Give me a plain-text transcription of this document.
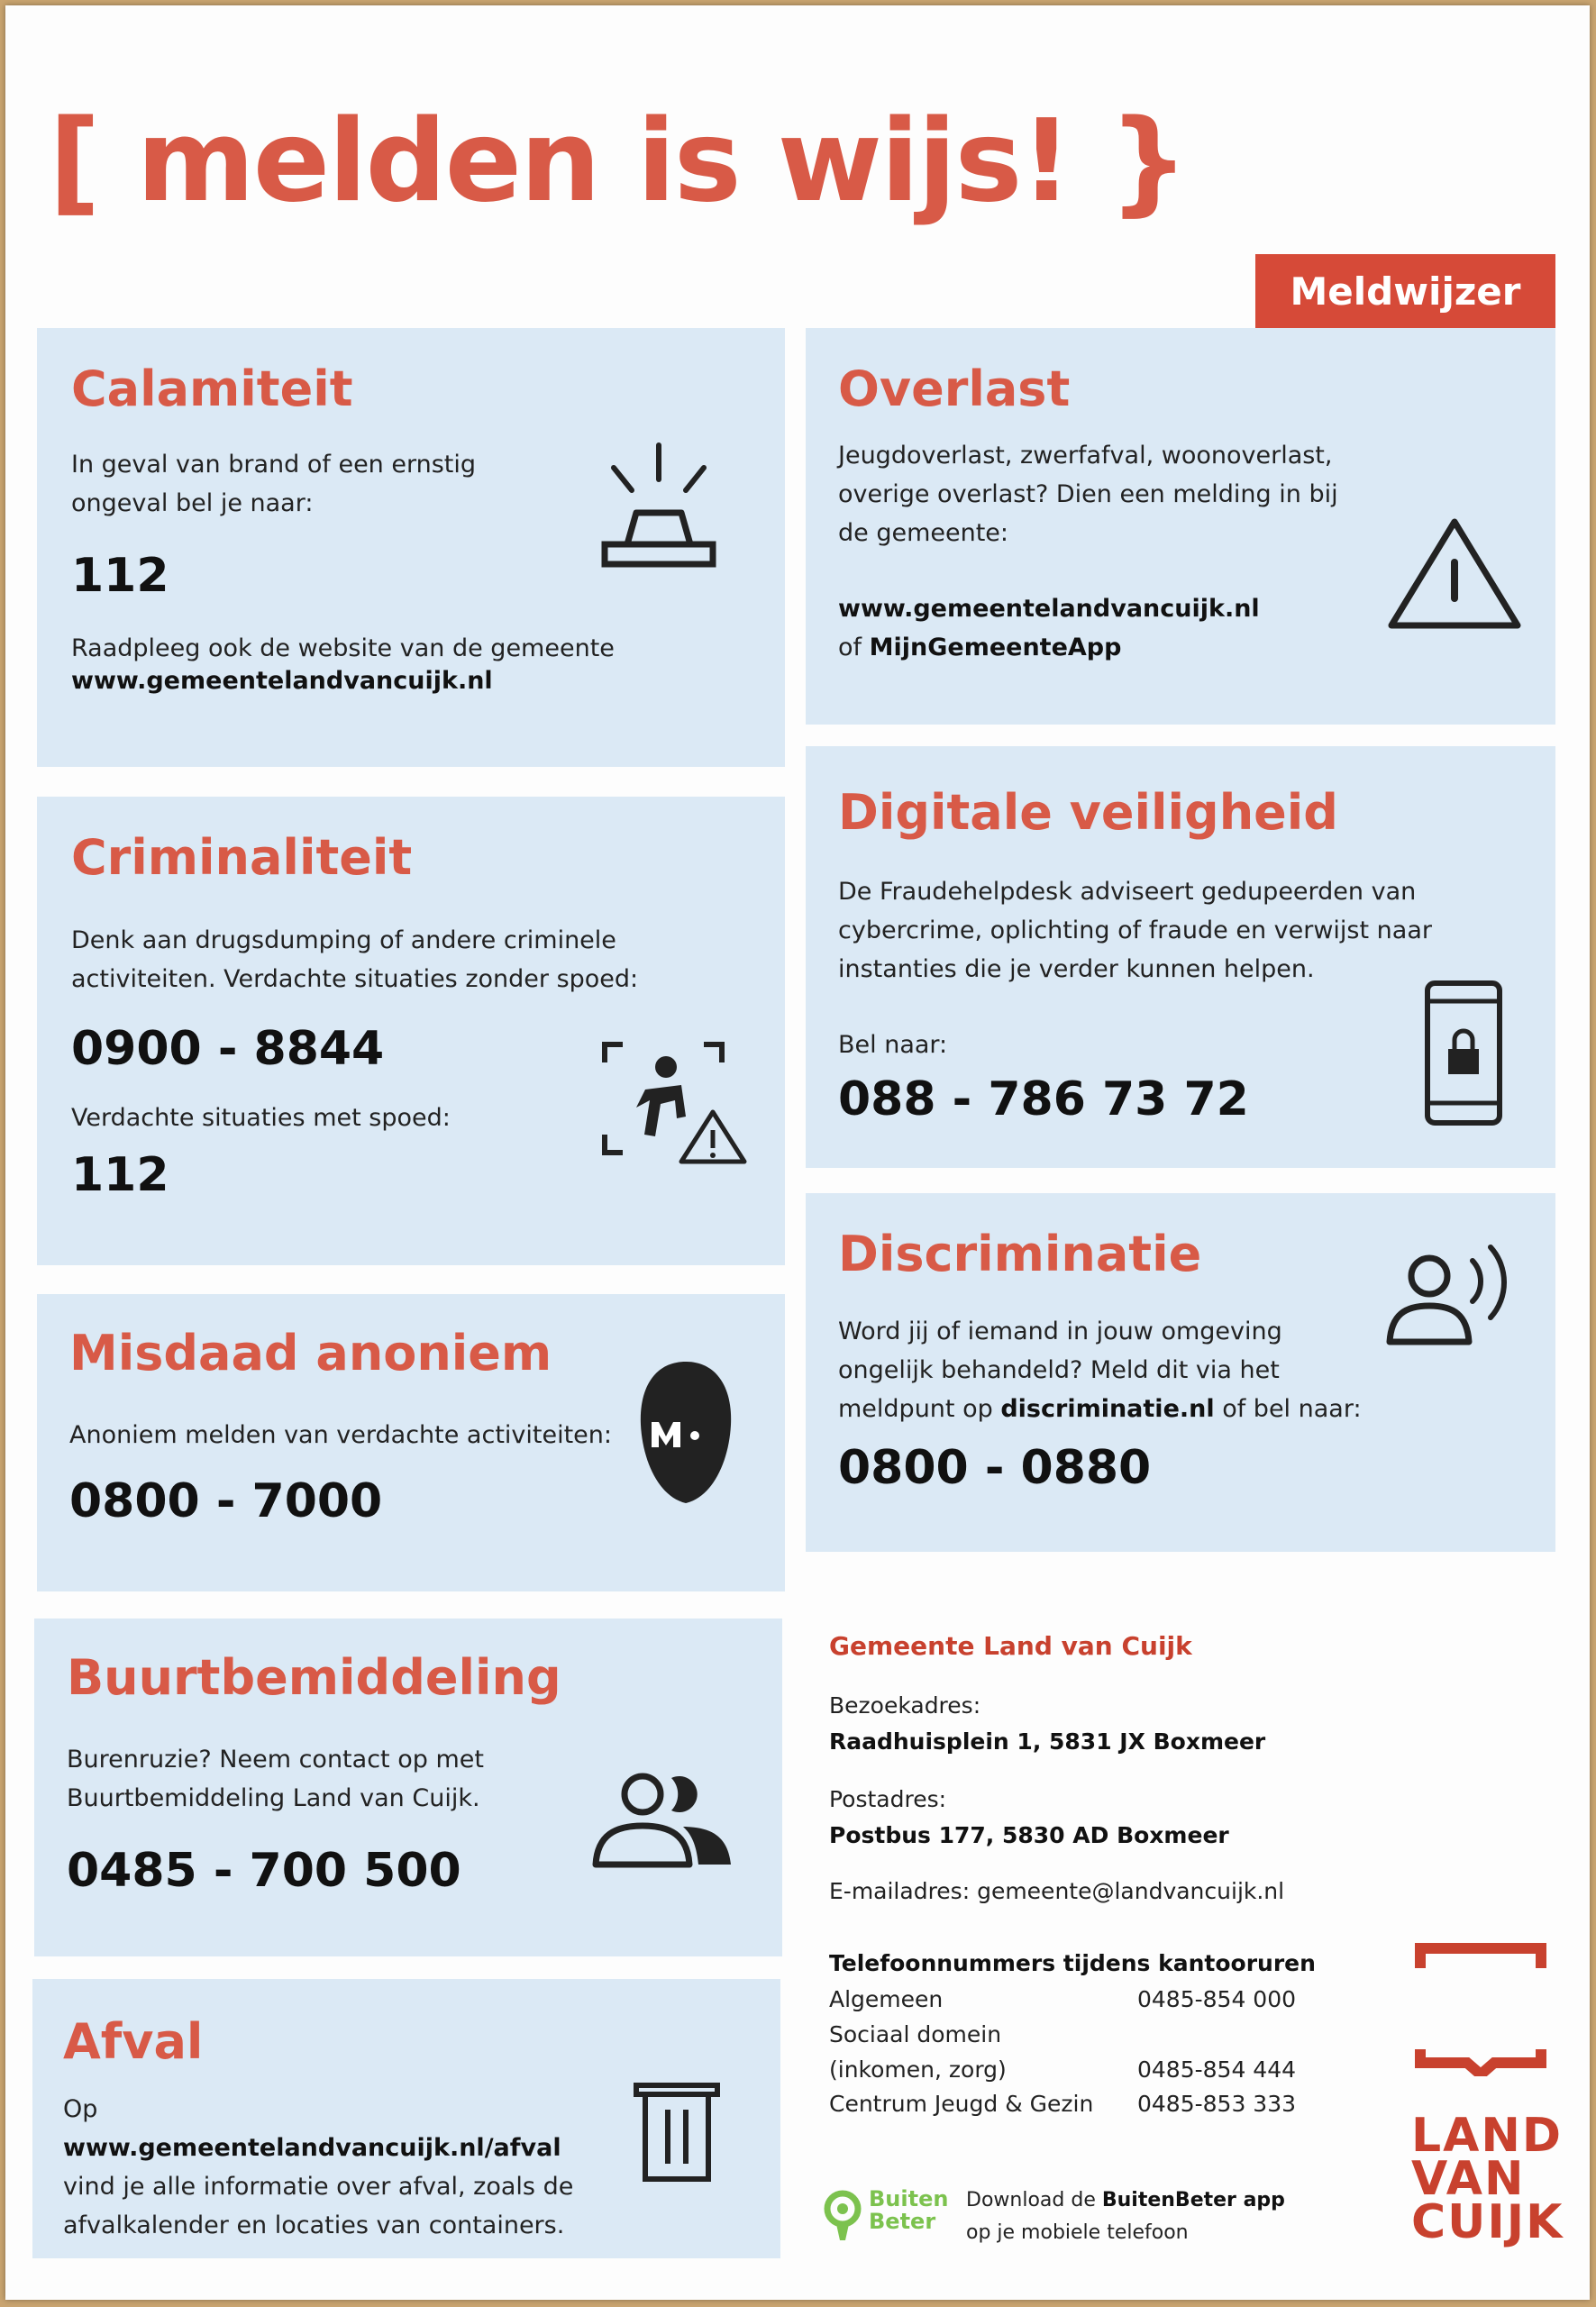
[ melden is wijs! }
Meldwijzer
Calamiteit
In geval van brand of een ernstig ongeval bel je naar:
112
Raadpleeg ook de website van de gemeente
www.gemeentelandvancuijk.nl
Overlast
Jeugdoverlast, zwerfafval, woonoverlast, overige overlast? Dien een melding in bij de gemeente:
www.gemeentelandvancuijk.nl
of MijnGemeenteApp
Criminaliteit
Denk aan drugsdumping of andere criminele activiteiten. Verdachte situaties zonder spoed:
0900 - 8844
Verdachte situaties met spoed:
112
Digitale veiligheid
De Fraudehelpdesk adviseert gedupeerden van cybercrime, oplichting of fraude en verwijst naar instanties die je verder kunnen helpen.
Bel naar:
088 - 786 73 72
Misdaad anoniem
Anoniem melden van verdachte activiteiten:
0800 - 7000
Discriminatie
Word jij of iemand in jouw omgeving ongelijk behandeld? Meld dit via het meldpunt op discriminatie.nl of bel naar:
0800 - 0880
Buurtbemiddeling
Burenruzie? Neem contact op met Buurtbemiddeling Land van Cuijk.
0485 - 700 500
Afval
Op www.gemeentelandvancuijk.nl/afval vind je alle informatie over afval, zoals de afvalkalender en locaties van containers.
Gemeente Land van Cuijk
Bezoekadres:
Raadhuisplein 1, 5831 JX Boxmeer
Postadres:
Postbus 177, 5830 AD Boxmeer
E-mailadres: gemeente@landvancuijk.nl
Telefoonnummers tijdens kantooruren
Algemeen	0485-854 000
Sociaal domein
(inkomen, zorg)	0485-854 444
Centrum Jeugd & Gezin 0485-853 333
Buiten
Beter
Download de BuitenBeter app
op je mobiele telefoon
LAND
VAN
CUIJK
